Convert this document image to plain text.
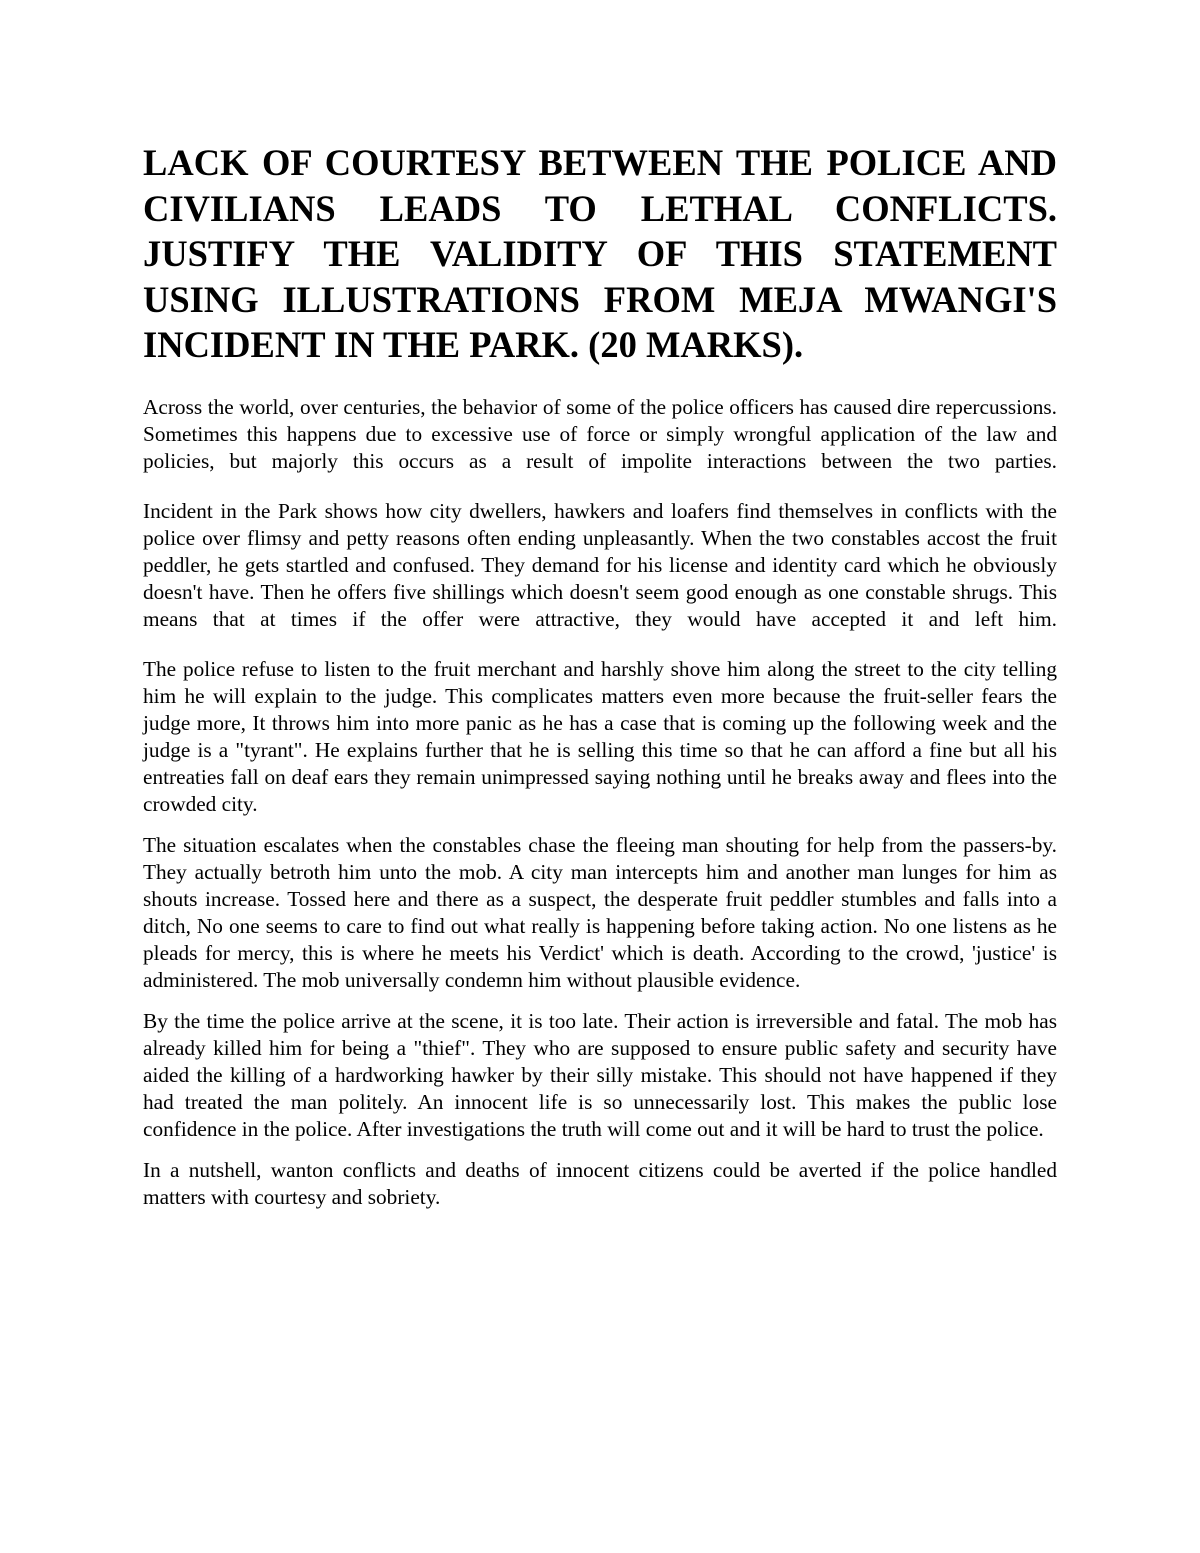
LACK OF COURTESY BETWEEN THE POLICE AND CIVILIANS LEADS TO LETHAL CONFLICTS. JUSTIFY THE VALIDITY OF THIS STATEMENT USING ILLUSTRATIONS FROM MEJA MWANGI'S INCIDENT IN THE PARK. (20 MARKS).

Across the world, over centuries, the behavior of some of the police officers has caused dire repercussions. Sometimes this happens due to excessive use of force or simply wrongful application of the law and policies, but majorly this occurs as a result of impolite interactions between the two parties.

Incident in the Park shows how city dwellers, hawkers and loafers find themselves in conflicts with the police over flimsy and petty reasons often ending unpleasantly. When the two constables accost the fruit peddler, he gets startled and confused. They demand for his license and identity card which he obviously doesn't have. Then he offers five shillings which doesn't seem good enough as one constable shrugs. This means that at times if the offer were attractive, they would have accepted it and left him.

The police refuse to listen to the fruit merchant and harshly shove him along the street to the city telling him he will explain to the judge. This complicates matters even more because the fruit-seller fears the judge more, It throws him into more panic as he has a case that is coming up the following week and the judge is a "tyrant". He explains further that he is selling this time so that he can afford a fine but all his entreaties fall on deaf ears they remain unimpressed saying nothing until he breaks away and flees into the crowded city.

The situation escalates when the constables chase the fleeing man shouting for help from the passers-by. They actually betroth him unto the mob. A city man intercepts him and another man lunges for him as shouts increase. Tossed here and there as a suspect, the desperate fruit peddler stumbles and falls into a ditch, No one seems to care to find out what really is happening before taking action. No one listens as he pleads for mercy, this is where he meets his Verdict' which is death. According to the crowd, 'justice' is administered. The mob universally condemn him without plausible evidence.

By the time the police arrive at the scene, it is too late. Their action is irreversible and fatal. The mob has already killed him for being a "thief". They who are supposed to ensure public safety and security have aided the killing of a hardworking hawker by their silly mistake. This should not have happened if they had treated the man politely. An innocent life is so unnecessarily lost. This makes the public lose confidence in the police. After investigations the truth will come out and it will be hard to trust the police.

In a nutshell, wanton conflicts and deaths of innocent citizens could be averted if the police handled matters with courtesy and sobriety.
